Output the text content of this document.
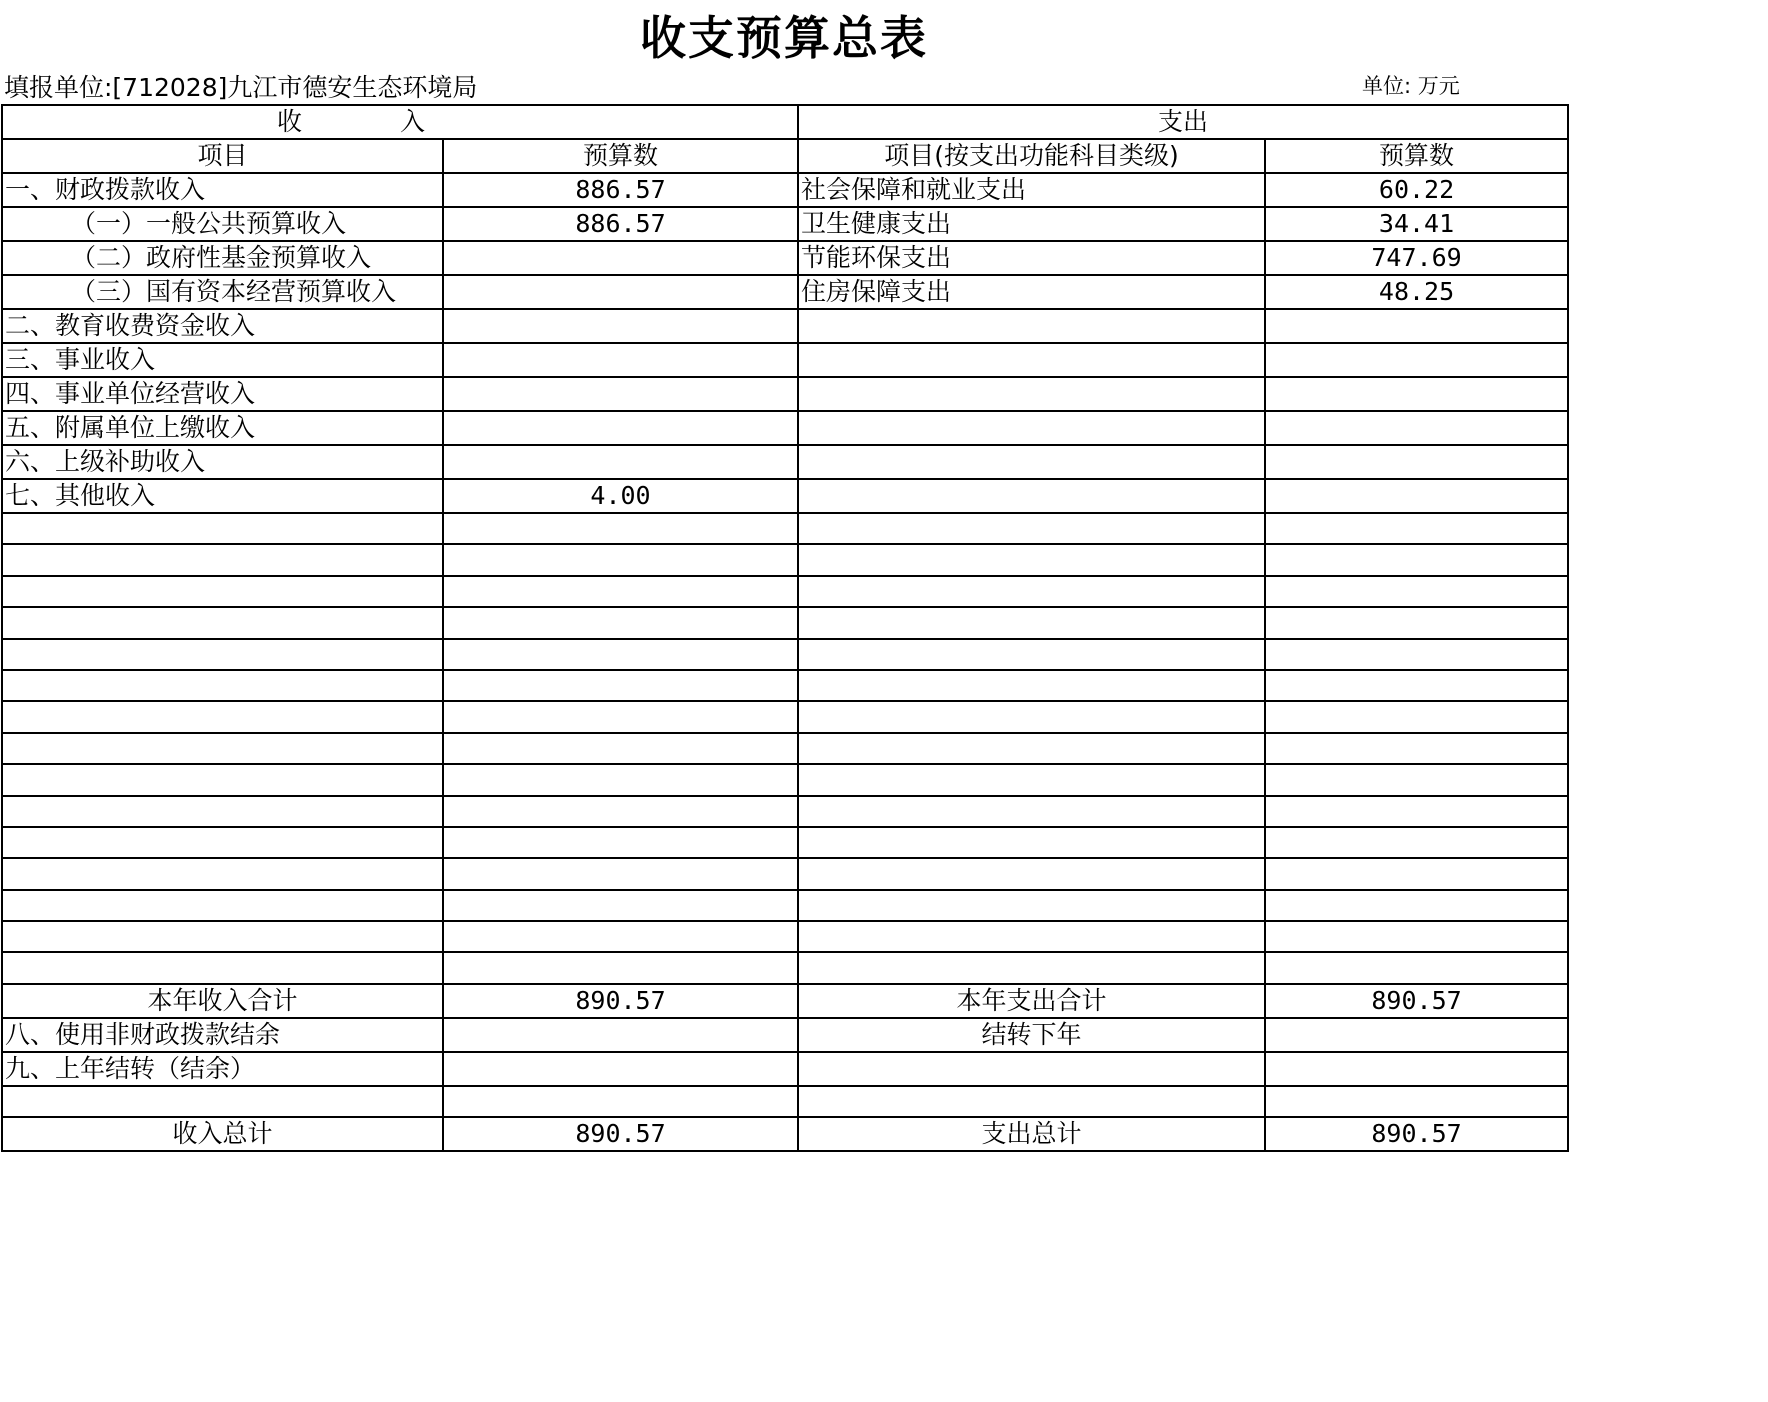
收支预算总表
填报单位:[712028]九江市德安生态环境局	单位: 万元
收入		支出	
项目	预算数	项目(按支出功能科目类级)	预算数
一、财政拨款收入	886.57	社会保障和就业支出	60.22
（一）一般公共预算收入	886.57	卫生健康支出	34.41
（二）政府性基金预算收入		节能环保支出	747.69
（三）国有资本经营预算收入		住房保障支出	48.25
二、教育收费资金收入			
三、事业收入			
四、事业单位经营收入			
五、附属单位上缴收入			
六、上级补助收入			
七、其他收入	4.00		

本年收入合计	890.57	本年支出合计	890.57
八、使用非财政拨款结余		结转下年	
九、上年结转（结余）			

收入总计	890.57	支出总计	890.57
